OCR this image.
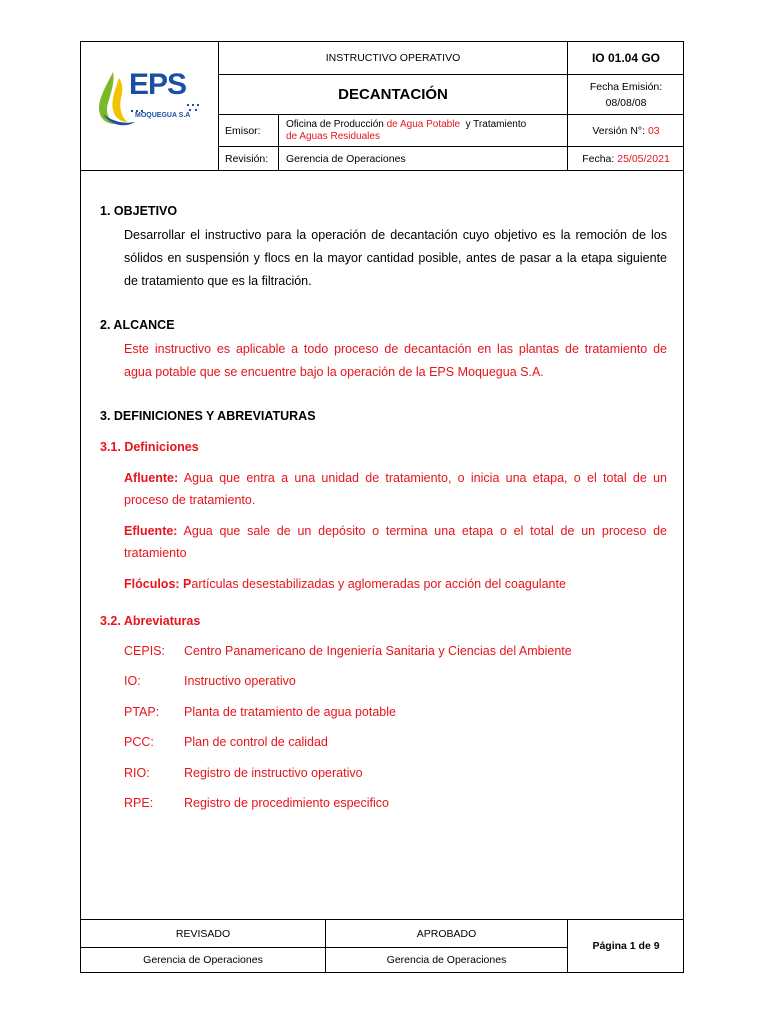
EPS
MOQUEGUA S.A
INSTRUCTIVO OPERATIVO	IO 01.04 GO
DECANTACIÓN	Fecha Emisión:
08/08/08
Emisor:
Oficina de Producción de Agua Potable  y Tratamiento
de Aguas Residuales	Versión N°: 03
Revisión:	Gerencia de Operaciones	Fecha: 25/05/2021
1. OBJETIVO
Desarrollar el instructivo para la operación de decantación cuyo objetivo es la remoción de los
sólidos en suspensión y flocs en la mayor cantidad posible, antes de pasar a la etapa siguiente
de tratamiento que es la filtración.
2. ALCANCE
Este instructivo es aplicable a todo proceso de decantación en las plantas de tratamiento de
agua potable que se encuentre bajo la operación de la EPS Moquegua S.A.
3. DEFINICIONES Y ABREVIATURAS
3.1. Definiciones
Afluente: Agua que entra a una unidad de tratamiento, o inicia una etapa, o el total de un
proceso de tratamiento.
Efluente: Agua que sale de un depósito o termina una etapa o el total de un proceso de
tratamiento
Flóculos: Partículas desestabilizadas y aglomeradas por acción del coagulante
3.2. Abreviaturas
CEPIS: Centro Panamericano de Ingeniería Sanitaria y Ciencias del Ambiente
IO:	Instructivo operativo
PTAP: Planta de tratamiento de agua potable
PCC: Plan de control de calidad
RIO:	Registro de instructivo operativo
RPE: Registro de procedimiento especifico
REVISADO	APROBADO
Gerencia de Operaciones	Gerencia de Operaciones
Página 1 de 9
